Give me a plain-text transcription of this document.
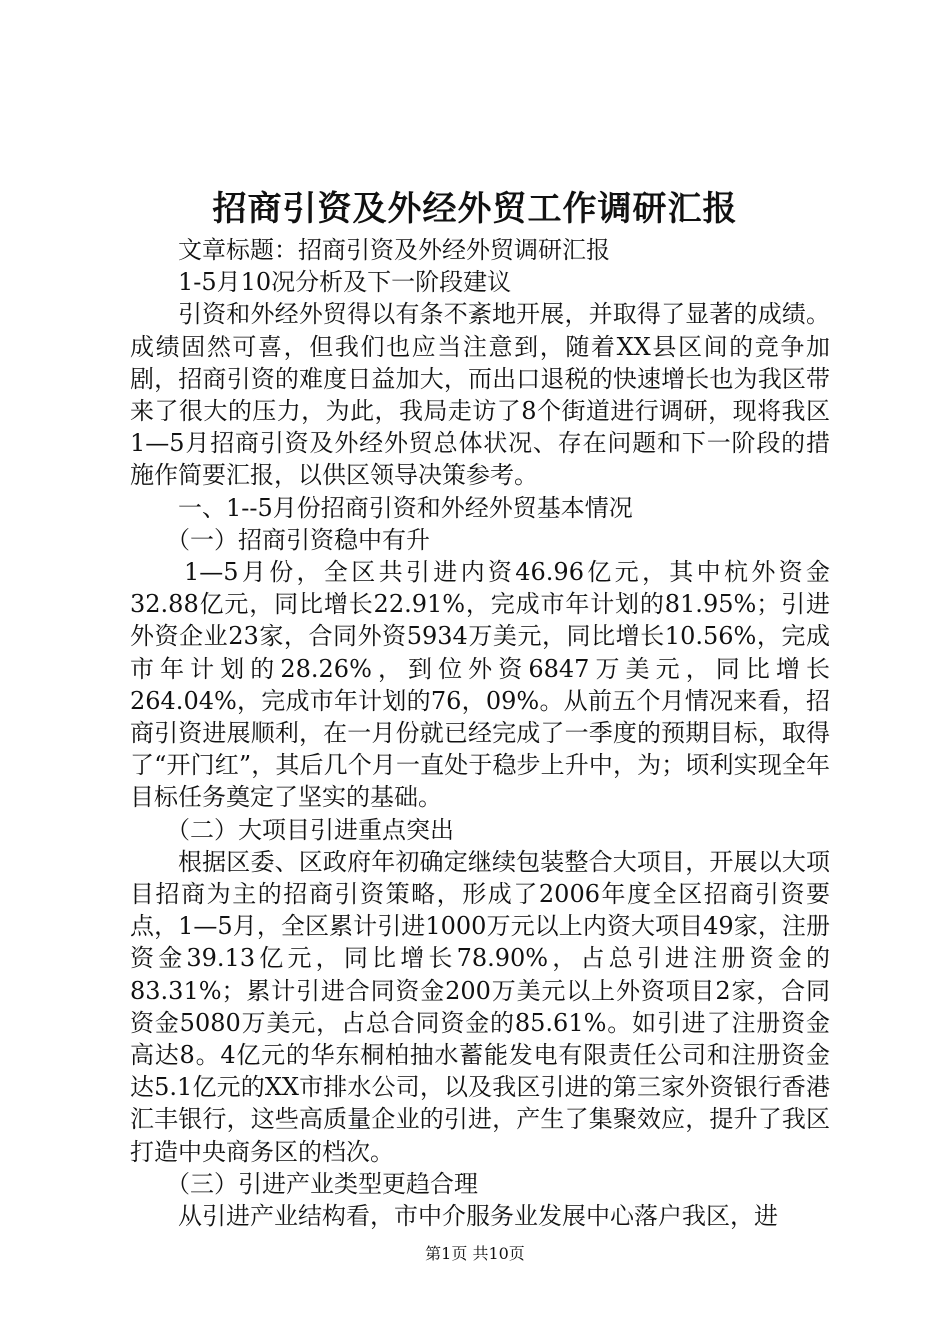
招商引资及外经外贸工作调研汇报

文章标题：招商引资及外经外贸调研汇报

1-5月10况分析及下一阶段建议

引资和外经外贸得以有条不紊地开展，并取得了显著的成绩。成绩固然可喜，但我们也应当注意到，随着XX县区间的竞争加剧，招商引资的难度日益加大，而出口退税的快速增长也为我区带来了很大的压力，为此，我局走访了8个街道进行调研，现将我区1—5月招商引资及外经外贸总体状况、存在问题和下一阶段的措施作简要汇报，以供区领导决策参考。

一、1--5月份招商引资和外经外贸基本情况

（一）招商引资稳中有升

1—5月份，全区共引进内资46.96亿元，其中杭外资金32.88亿元，同比增长22.91%，完成市年计划的81.95%；引进外资企业23家，合同外资5934万美元，同比增长10.56%，完成市年计划的28.26%，到位外资6847万美元，同比增长264.04%，完成市年计划的76，09%。从前五个月情况来看，招商引资进展顺利，在一月份就已经完成了一季度的预期目标，取得了“开门红”，其后几个月一直处于稳步上升中，为；顷利实现全年目标任务奠定了坚实的基础。

（二）大项目引进重点突出

根据区委、区政府年初确定继续包装整合大项目，开展以大项目招商为主的招商引资策略，形成了2006年度全区招商引资要点，1—5月，全区累计引进1000万元以上内资大项目49家，注册资金39.13亿元，同比增长78.90%，占总引进注册资金的83.31%；累计引进合同资金200万美元以上外资项目2家，合同资金5080万美元，占总合同资金的85.61%。如引进了注册资金高达8。4亿元的华东桐柏抽水蓄能发电有限责任公司和注册资金达5.1亿元的XX市排水公司，以及我区引进的第三家外资银行香港汇丰银行，这些高质量企业的引进，产生了集聚效应，提升了我区打造中央商务区的档次。

（三）引进产业类型更趋合理

从引进产业结构看，市中介服务业发展中心落户我区，进

第1页 共10页
